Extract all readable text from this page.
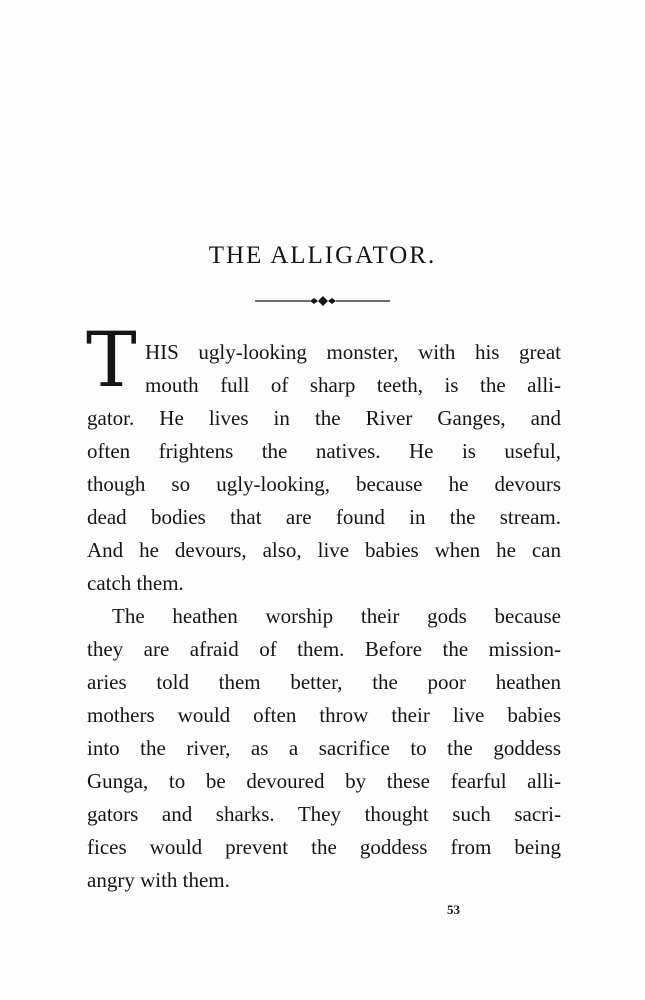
THE ALLIGATOR.
T HIS ugly-looking monster, with his great
mouth full of sharp teeth, is the alli-
gator. He lives in the River Ganges, and
often frightens the natives. He is useful,
though so ugly-looking, because he devours
dead bodies that are found in the stream.
And he devours, also, live babies when he can
catch them.
The heathen worship their gods because
they are afraid of them. Before the mission-
aries told them better, the poor heathen
mothers would often throw their live babies
into the river, as a sacrifice to the goddess
Gunga, to be devoured by these fearful alli-
gators and sharks. They thought such sacri-
fices would prevent the goddess from being
angry with them.
53
